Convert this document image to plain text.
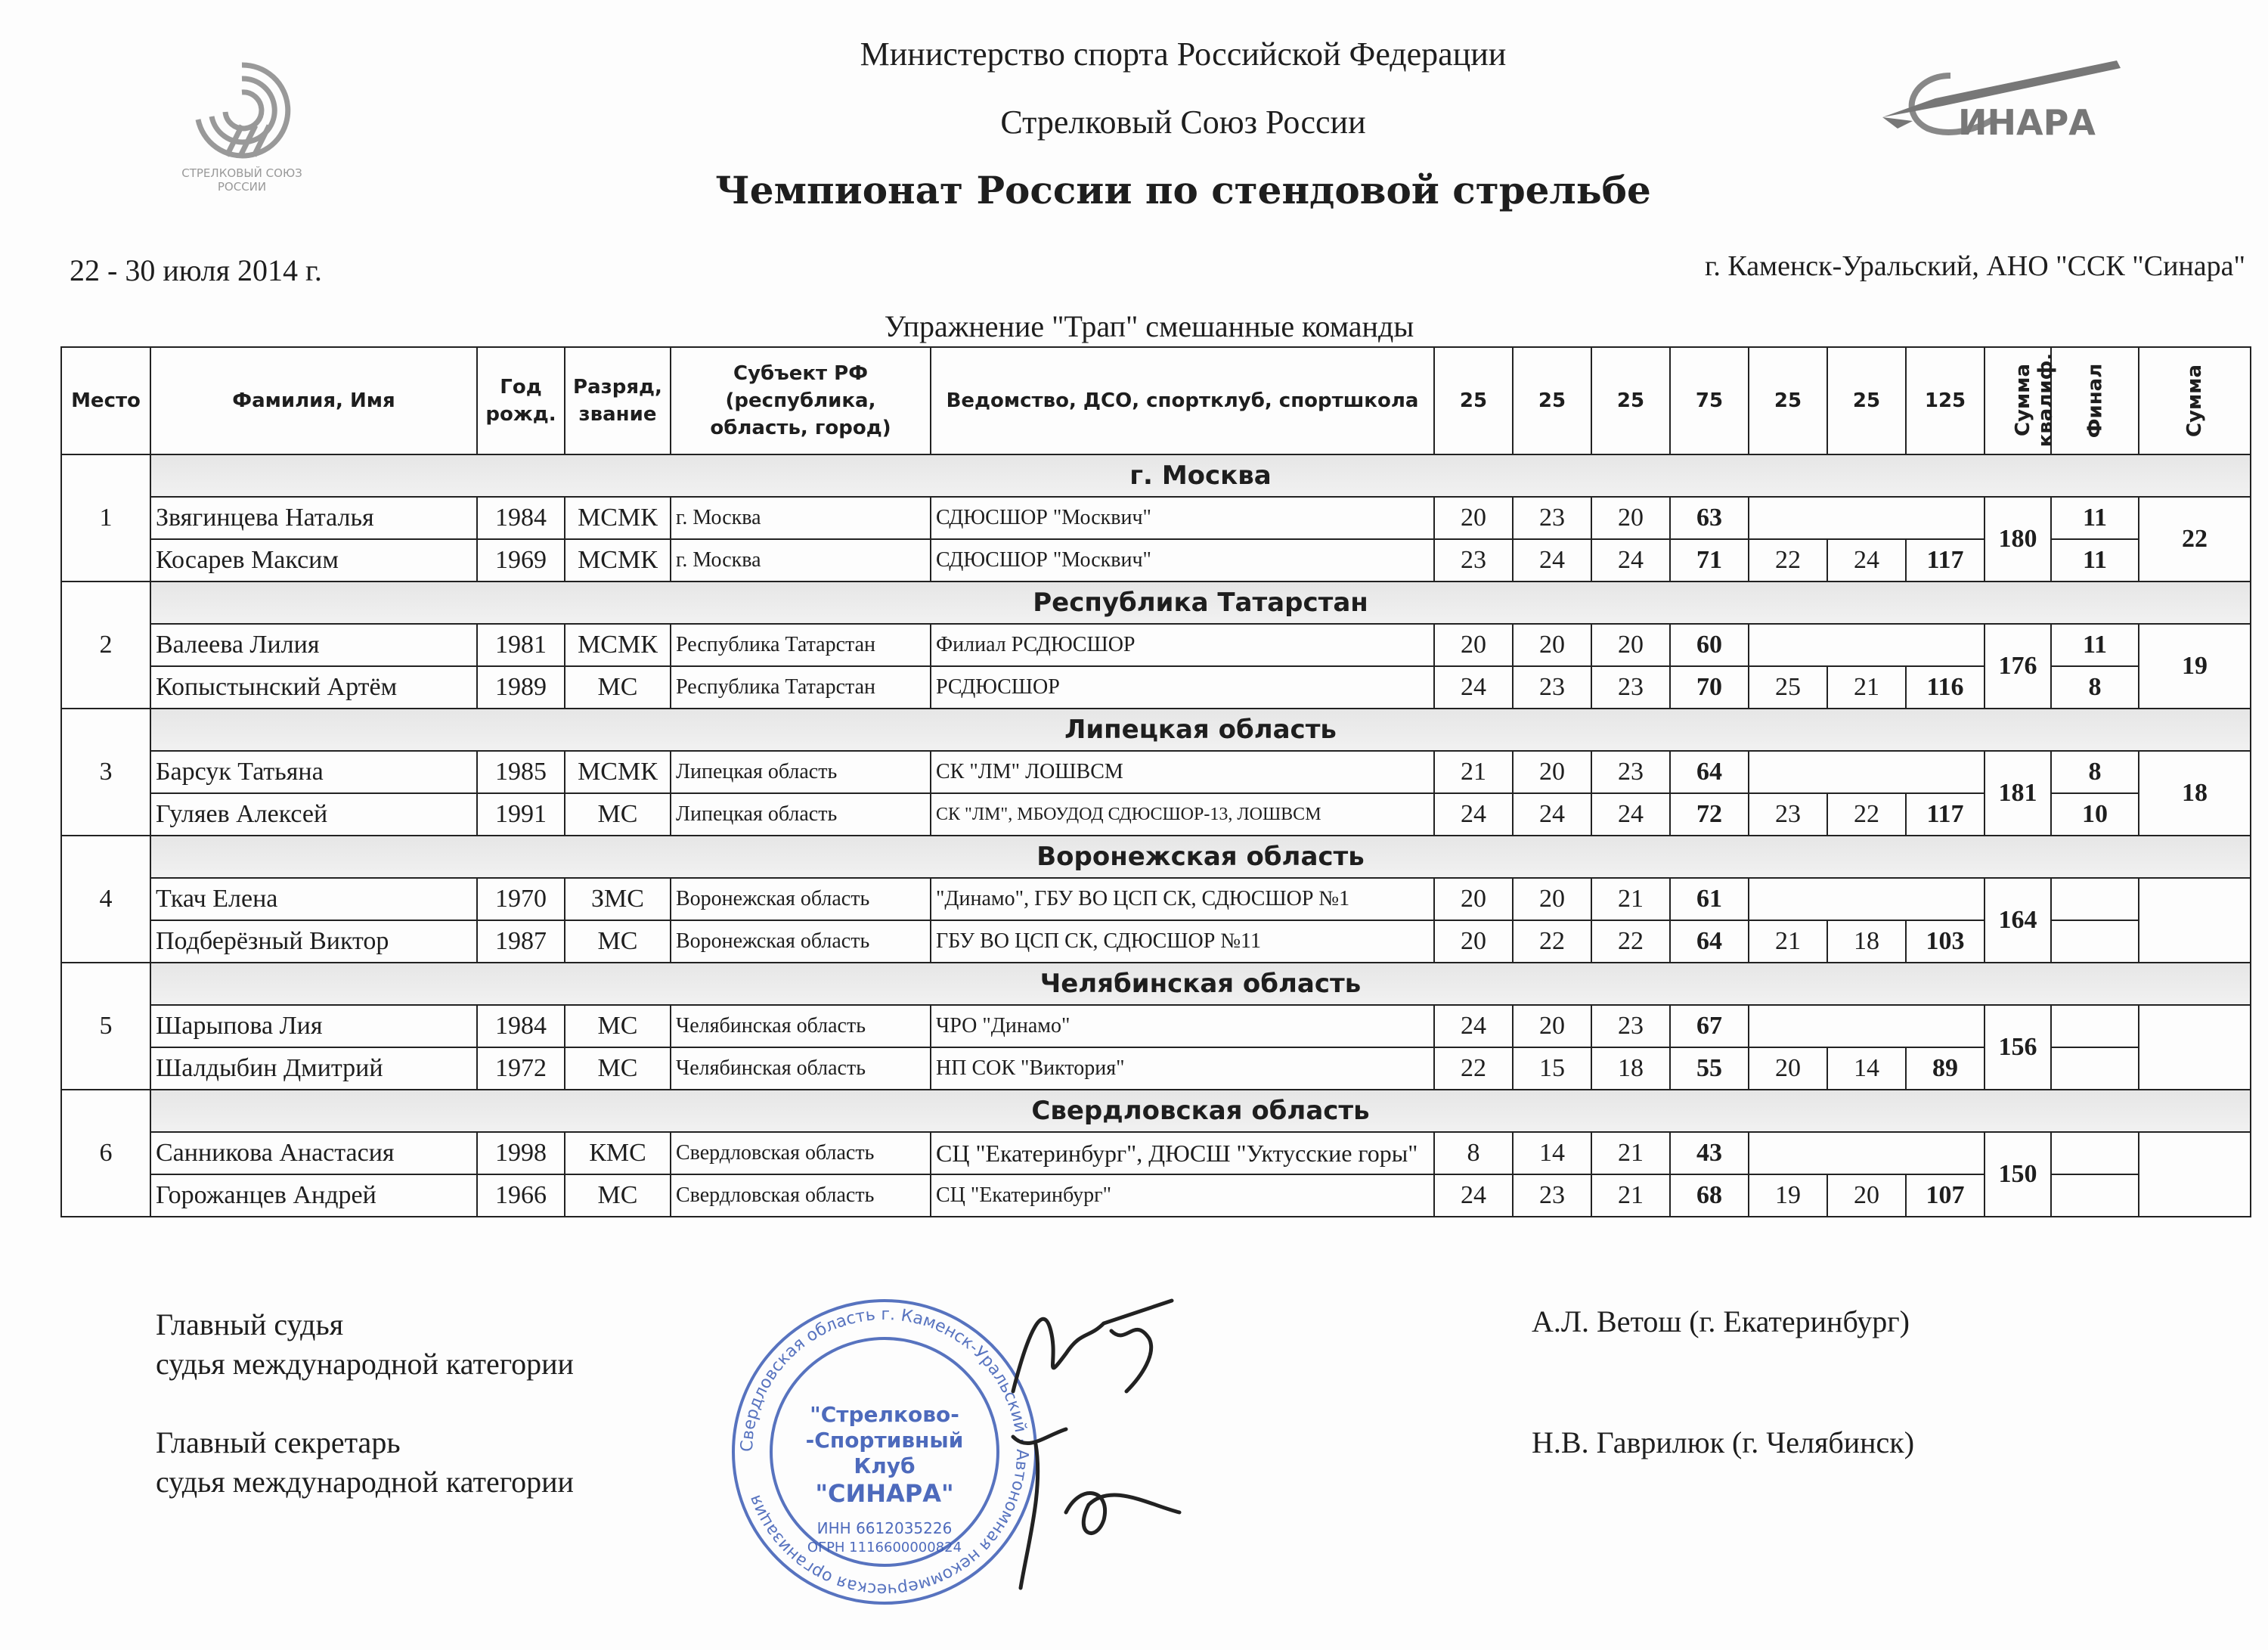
СТРЕЛКОВЫЙ СОЮЗ
РОССИИ
ИНАРА
Министерство спорта Российской Федерации
Стрелковый Союз России
Чемпионат России по стендовой стрельбе
22 - 30 июля 2014 г.	г. Каменск-Уральский, АНО "ССК "Синара"
Упражнение "Трап" смешанные команды
Место	Фамилия, Имя	Год рожд.	Разряд, звание	Субъект РФ (республика, область, город)	Ведомство, ДСО, спортклуб, спортшкола	25	25	25	75	25	25	125	Сумма квалиф.	Финал	Сумма
1	г. Москва														
	Звягинцева Наталья	1984	МСМК	г. Москва	СДЮСШОР "Москвич"	20	23	20	63				180	11	22
	Косарев Максим	1969	МСМК	г. Москва	СДЮСШОР "Москвич"	23	24	24	71	22	24	117		11	
2	Республика Татарстан														
	Валеева Лилия	1981	МСМК	Республика Татарстан	Филиал РСДЮСШОР	20	20	20	60				176	11	19
	Копыстынский Артём	1989	МС	Республика Татарстан	РСДЮСШОР	24	23	23	70	25	21	116		8	
3	Липецкая область														
	Барсук Татьяна	1985	МСМК	Липецкая область	СК "ЛМ" ЛОШВСМ	21	20	23	64				181	8	18
	Гуляев Алексей	1991	МС	Липецкая область	СК "ЛМ", МБОУДОД СДЮСШОР-13, ЛОШВСМ	24	24	24	72	23	22	117		10	
4	Воронежская область														
	Ткач Елена	1970	ЗМС	Воронежская область	"Динамо", ГБУ ВО ЦСП СК, СДЮСШОР №1	20	20	21	61				164		
	Подберёзный Виктор	1987	МС	Воронежская область	ГБУ ВО ЦСП СК, СДЮСШОР №11	20	22	22	64	21	18	103			
5	Челябинская область														
	Шарыпова Лия	1984	МС	Челябинская область	ЧРО "Динамо"	24	20	23	67				156		
	Шалдыбин Дмитрий	1972	МС	Челябинская область	НП СОК "Виктория"	22	15	18	55	20	14	89			
6	Свердловская область														
	Санникова Анастасия	1998	КМС	Свердловская область	СЦ "Екатеринбург", ДЮСШ "Уктусские горы"	8	14	21	43				150		
	Горожанцев Андрей	1966	МС	Свердловская область	СЦ "Екатеринбург"	24	23	21	68	19	20	107			
Главный судья
судья международной категории
А.Л. Ветош (г. Екатеринбург)
Главный секретарь
судья международной категории
Н.В. Гаврилюк (г. Челябинск)
Свердловская область г. Каменск-Уральский · Автономная некоммерческая организация
"Стрелково-
-Спортивный
Клуб
"СИНАРА"
ИНН 6612035226
ОГРН 1116600000824
